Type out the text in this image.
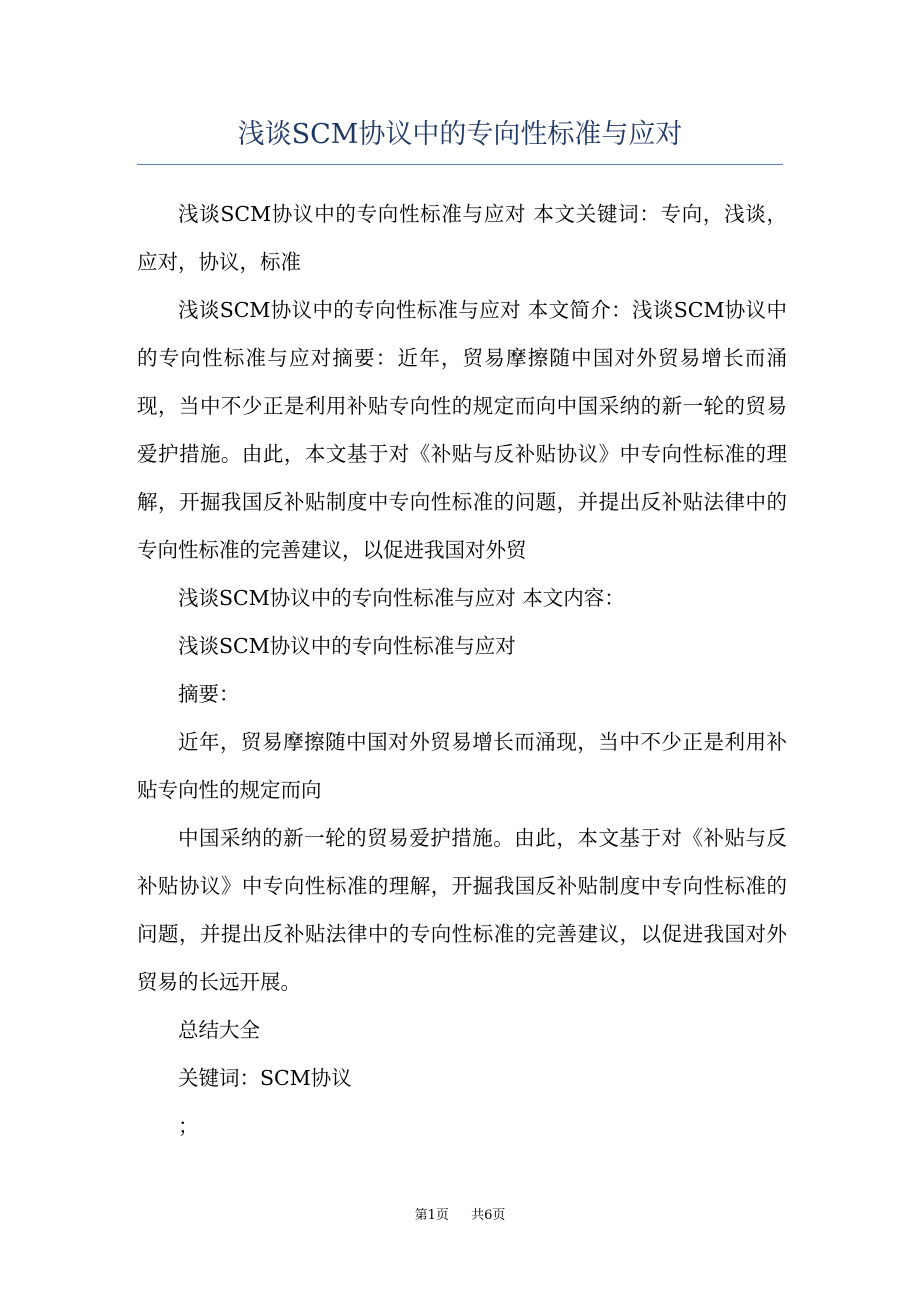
浅谈SCM协议中的专向性标准与应对

浅谈SCM协议中的专向性标准与应对 本文关键词：专向，浅谈，应对，协议，标准

浅谈SCM协议中的专向性标准与应对 本文简介：浅谈SCM协议中的专向性标准与应对摘要：近年，贸易摩擦随中国对外贸易增长而涌现，当中不少正是利用补贴专向性的规定而向中国采纳的新一轮的贸易爱护措施。由此，本文基于对《补贴与反补贴协议》中专向性标准的理解，开掘我国反补贴制度中专向性标准的问题，并提出反补贴法律中的专向性标准的完善建议，以促进我国对外贸

浅谈SCM协议中的专向性标准与应对 本文内容：

浅谈SCM协议中的专向性标准与应对

摘要：

近年，贸易摩擦随中国对外贸易增长而涌现，当中不少正是利用补贴专向性的规定而向

中国采纳的新一轮的贸易爱护措施。由此，本文基于对《补贴与反补贴协议》中专向性标准的理解，开掘我国反补贴制度中专向性标准的问题，并提出反补贴法律中的专向性标准的完善建议，以促进我国对外贸易的长远开展。

总结大全

关键词：SCM协议

；

第1页 共6页
